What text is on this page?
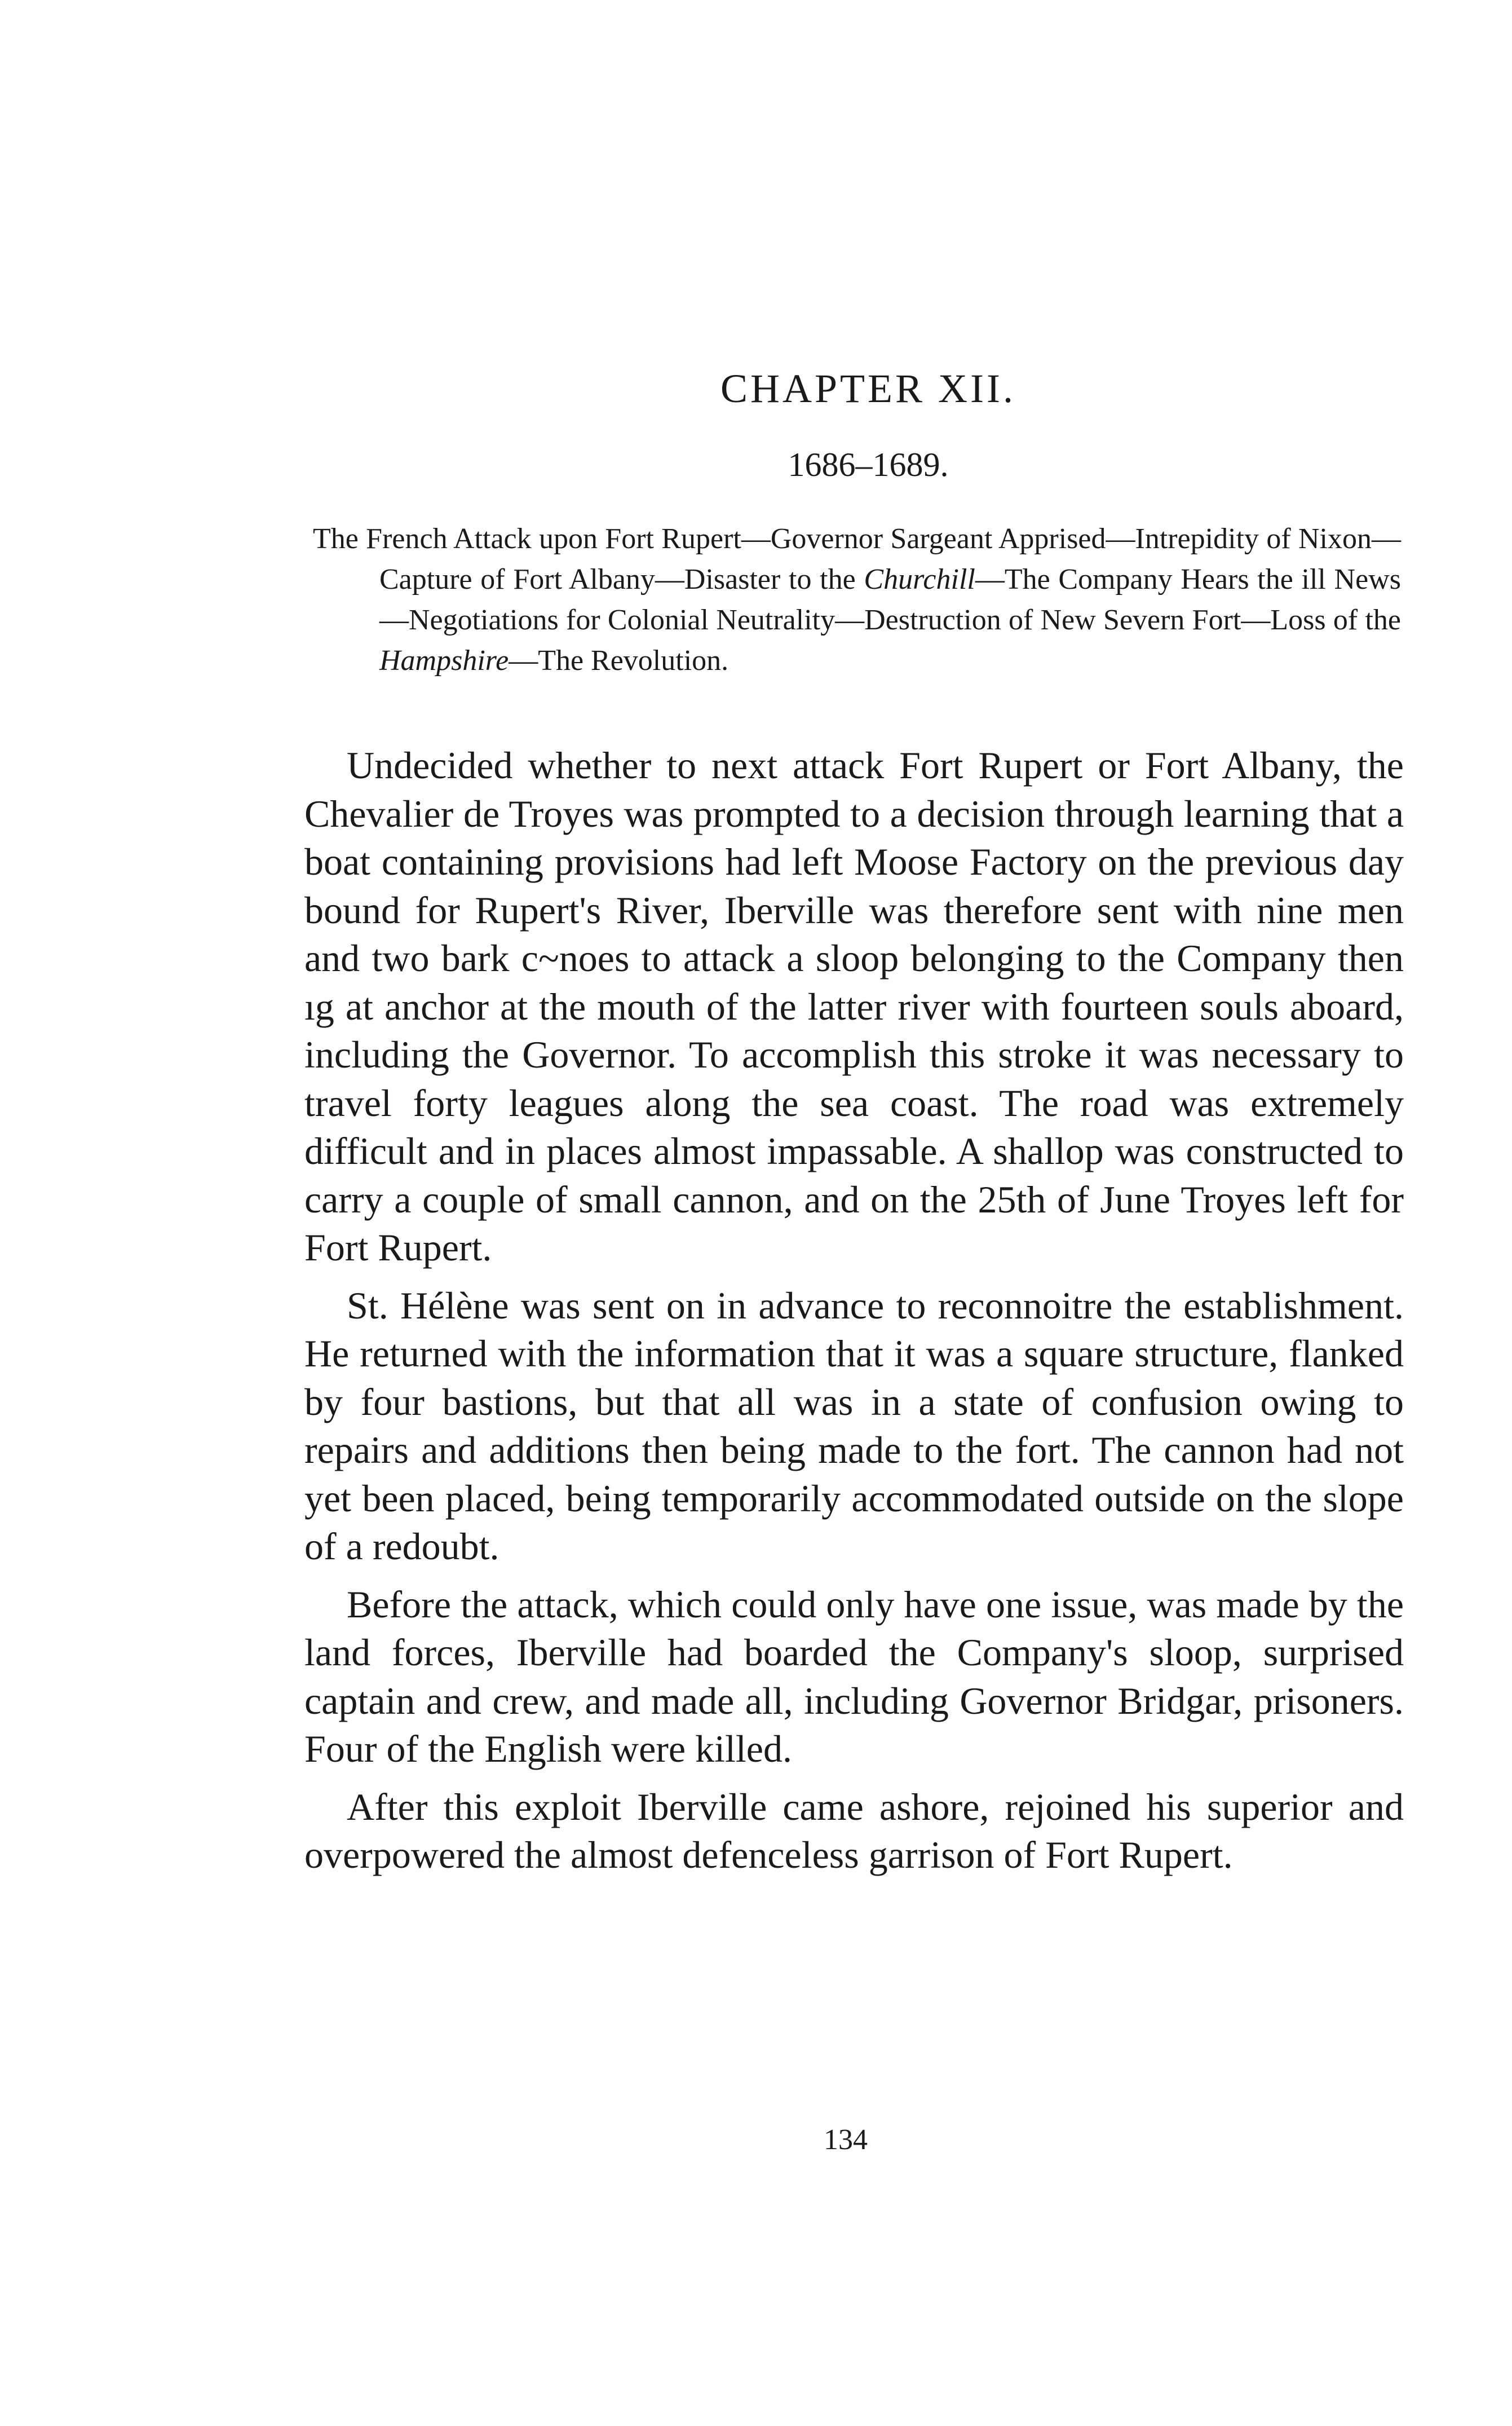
CHAPTER XII.

1686–1689.

The French Attack upon Fort Rupert—Governor Sargeant Apprised—Intrepidity of Nixon—Capture of Fort Albany—Disaster to the Churchill—The Company Hears the ill News—Negotiations for Colonial Neutrality—Destruction of New Severn Fort—Loss of the Hampshire—The Revolution.

Undecided whether to next attack Fort Rupert or Fort Albany, the Chevalier de Troyes was prompted to a decision through learning that a boat containing provisions had left Moose Factory on the previous day bound for Rupert's River, Iberville was therefore sent with nine men and two bark c~noes to attack a sloop belonging to the Company then ıg at anchor at the mouth of the latter river with fourteen souls aboard, including the Governor. To accomplish this stroke it was necessary to travel forty leagues along the sea coast. The road was extremely difficult and in places almost impassable. A shallop was constructed to carry a couple of small cannon, and on the 25th of June Troyes left for Fort Rupert.

St. Hélène was sent on in advance to reconnoitre the establishment. He returned with the information that it was a square structure, flanked by four bastions, but that all was in a state of confusion owing to repairs and additions then being made to the fort. The cannon had not yet been placed, being temporarily accommodated outside on the slope of a redoubt.

Before the attack, which could only have one issue, was made by the land forces, Iberville had boarded the Company's sloop, surprised captain and crew, and made all, including Governor Bridgar, prisoners. Four of the English were killed.

After this exploit Iberville came ashore, rejoined his superior and overpowered the almost defenceless garrison of Fort Rupert.

134
